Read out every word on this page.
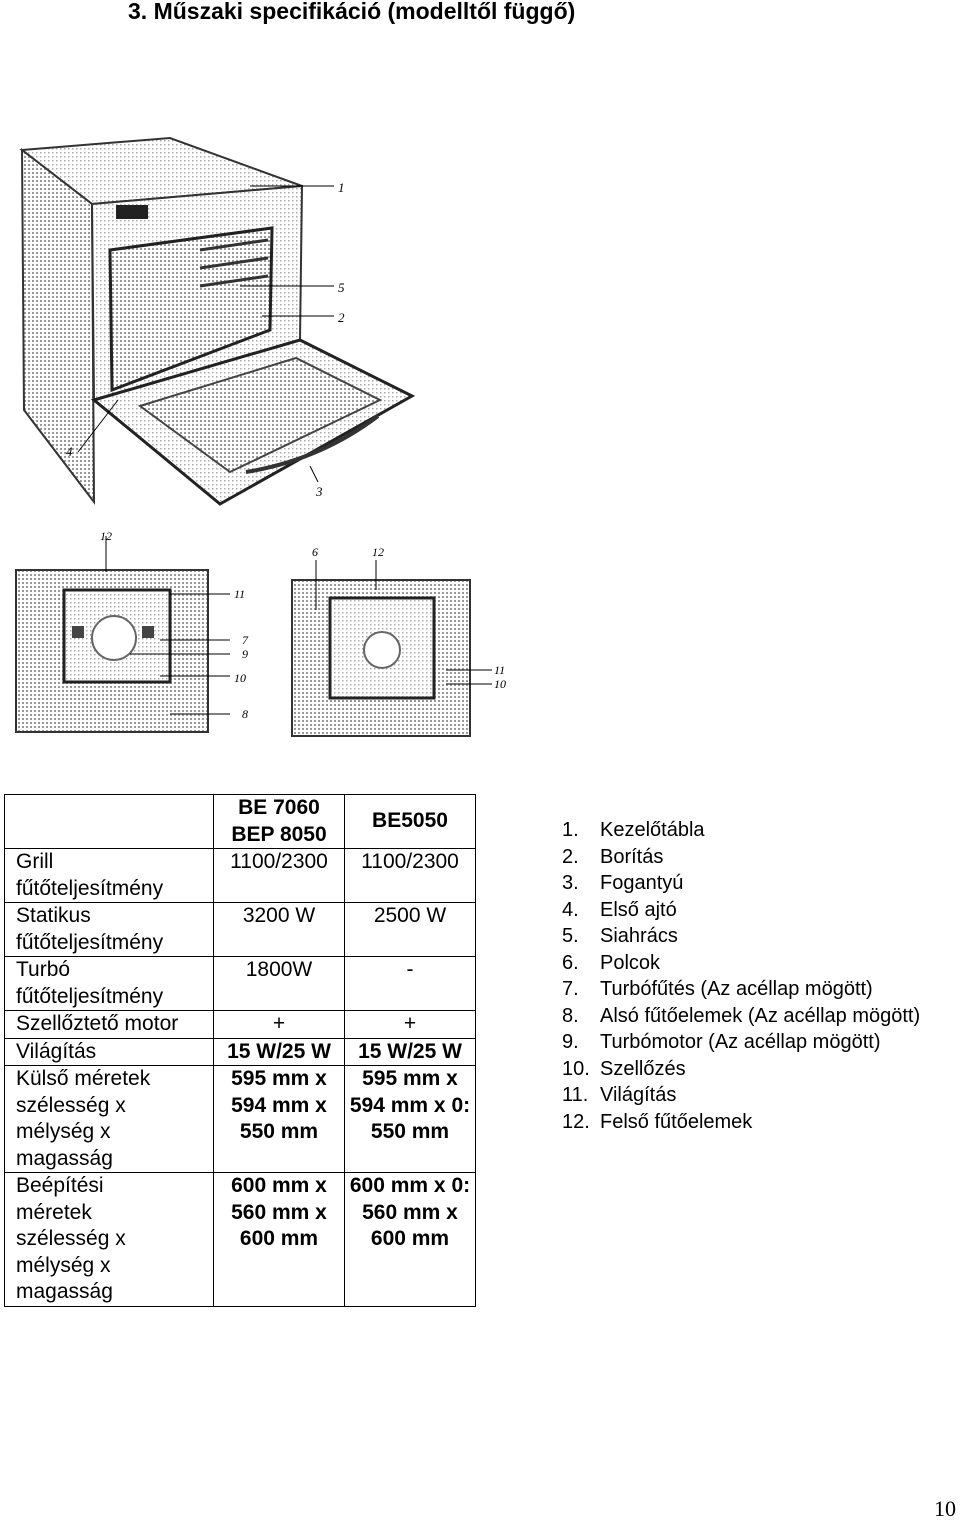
3. Műszaki specifikáció (modelltől függő)
1
5
2
4
3
12
11
7
9
10
8
6	12
11
10
	BE 7060 BEP 8050	BE5050
Grill fűtőteljesítmény	1100/2300	1100/2300
Statikus fűtőteljesítmény	3200 W	2500 W
Turbó fűtőteljesítmény	1800W	-
Szellőztető motor	+	+
Világítás	15 W/25 W	15 W/25 W

Külső méretek
szélesség x
mélység x
magasság	595 mm x 594 mm x 550 mm	595 mm x 594 mm x 0: 550 mm

Beépítési
méretek
szélesség x
mélység x
magasság	600 mm x 560 mm x 600 mm	600 mm x 0: 560 mm x 600 mm
1.	Kezelőtábla
2.	Borítás
3.	Fogantyú
4.	Első ajtó
5.	Siahrács
6.	Polcok
7.	Turbófűtés (Az acéllap mögött)
8.	Alsó fűtőelemek (Az acéllap mögött)
9.	Turbómotor (Az acéllap mögött)
10. Szellőzés
11. Világítás
12. Felső fűtőelemek
10
